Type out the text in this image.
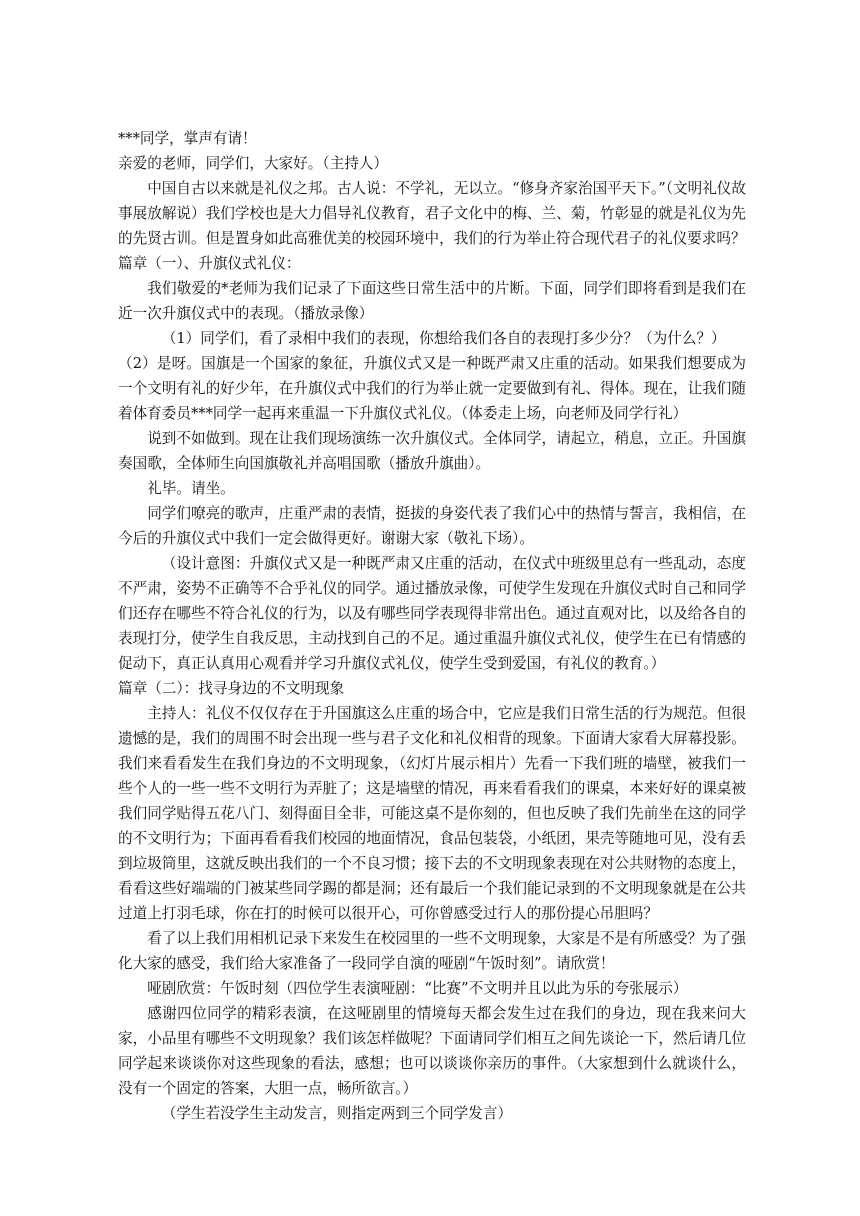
***同学，掌声有请！

亲爱的老师，同学们，大家好。（主持人）

中国自古以来就是礼仪之邦。古人说：不学礼，无以立。“修身齐家治国平天下。”（文明礼仪故事展放解说）我们学校也是大力倡导礼仪教育，君子文化中的梅、兰、菊，竹彰显的就是礼仪为先的先贤古训。但是置身如此高雅优美的校园环境中，我们的行为举止符合现代君子的礼仪要求吗？

篇章（一）、升旗仪式礼仪：

我们敬爱的*老师为我们记录了下面这些日常生活中的片断。下面，同学们即将看到是我们在近一次升旗仪式中的表现。（播放录像）

（1）同学们，看了录相中我们的表现，你想给我们各自的表现打多少分？（为什么？）

（2）是呀。国旗是一个国家的象征，升旗仪式又是一种既严肃又庄重的活动。如果我们想要成为一个文明有礼的好少年，在升旗仪式中我们的行为举止就一定要做到有礼、得体。现在，让我们随着体育委员***同学一起再来重温一下升旗仪式礼仪。（体委走上场，向老师及同学行礼）

说到不如做到。现在让我们现场演练一次升旗仪式。全体同学，请起立，稍息，立正。升国旗奏国歌，全体师生向国旗敬礼并高唱国歌（播放升旗曲）。

礼毕。请坐。

同学们嘹亮的歌声，庄重严肃的表情，挺拔的身姿代表了我们心中的热情与誓言，我相信，在今后的升旗仪式中我们一定会做得更好。谢谢大家（敬礼下场）。

（设计意图：升旗仪式又是一种既严肃又庄重的活动，在仪式中班级里总有一些乱动，态度不严肃，姿势不正确等不合乎礼仪的同学。通过播放录像，可使学生发现在升旗仪式时自己和同学们还存在哪些不符合礼仪的行为，以及有哪些同学表现得非常出色。通过直观对比，以及给各自的表现打分，使学生自我反思，主动找到自己的不足。通过重温升旗仪式礼仪，使学生在已有情感的促动下，真正认真用心观看并学习升旗仪式礼仪，使学生受到爱国，有礼仪的教育。）

篇章（二）：找寻身边的不文明现象

主持人：礼仪不仅仅存在于升国旗这么庄重的场合中，它应是我们日常生活的行为规范。但很遗憾的是，我们的周围不时会出现一些与君子文化和礼仪相背的现象。下面请大家看大屏幕投影。我们来看看发生在我们身边的不文明现象，（幻灯片展示相片）先看一下我们班的墙壁，被我们一些个人的一些一些不文明行为弄脏了；这是墙壁的情况，再来看看我们的课桌，本来好好的课桌被我们同学贴得五花八门、刻得面目全非，可能这桌不是你刻的，但也反映了我们先前坐在这的同学的不文明行为；下面再看看我们校园的地面情况，食品包装袋，小纸团，果壳等随地可见，没有丢到垃圾筒里，这就反映出我们的一个不良习惯；接下去的不文明现象表现在对公共财物的态度上，看看这些好端端的门被某些同学踢的都是洞；还有最后一个我们能记录到的不文明现象就是在公共过道上打羽毛球，你在打的时候可以很开心，可你曾感受过行人的那份提心吊胆吗？

看了以上我们用相机记录下来发生在校园里的一些不文明现象，大家是不是有所感受？为了强化大家的感受，我们给大家准备了一段同学自演的哑剧“午饭时刻”。请欣赏！

哑剧欣赏：午饭时刻（四位学生表演哑剧：“比赛”不文明并且以此为乐的夸张展示）

感谢四位同学的精彩表演，在这哑剧里的情境每天都会发生过在我们的身边，现在我来问大家，小品里有哪些不文明现象？我们该怎样做呢？下面请同学们相互之间先谈论一下，然后请几位同学起来谈谈你对这些现象的看法，感想；也可以谈谈你亲历的事件。（大家想到什么就谈什么，没有一个固定的答案，大胆一点，畅所欲言。）

（学生若没学生主动发言，则指定两到三个同学发言）
